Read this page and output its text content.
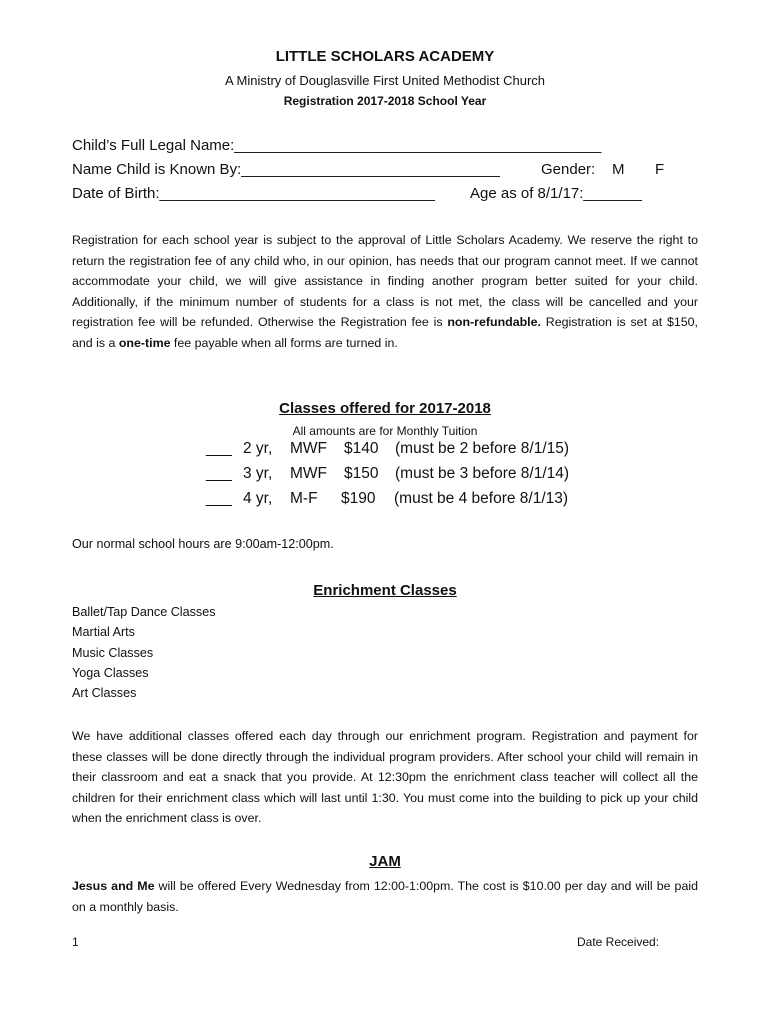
LITTLE SCHOLARS ACADEMY
A Ministry of Douglasville First United Methodist Church
Registration 2017-2018 School Year
Child’s Full Legal Name:____________________________________________
Name Child is Known By:_______________________________	Gender: M F
Date of Birth:_________________________________ Age as of 8/1/17:_______

Registration for each school year is subject to the approval of Little Scholars Academy. We reserve the right to return the registration fee of any child who, in our opinion, has needs that our program cannot meet. If we cannot accommodate your child, we will give assistance in finding another program better suited for your child. Additionally, if the minimum number of students for a class is not met, the class will be cancelled and your registration fee will be refunded. Otherwise the Registration fee is non-refundable. Registration is set at $150, and is a one-time fee payable when all forms are turned in.

Classes offered for 2017-2018
All amounts are for Monthly Tuition
___ 2 yr, MWF $140 (must be 2 before 8/1/15)
___ 3 yr, MWF $150 (must be 3 before 8/1/14)
___ 4 yr, M-F $190 (must be 4 before 8/1/13)
Our normal school hours are 9:00am-12:00pm.
Enrichment Classes
Ballet/Tap Dance Classes
Martial Arts
Music Classes
Yoga Classes
Art Classes

We have additional classes offered each day through our enrichment program. Registration and payment for these classes will be done directly through the individual program providers. After school your child will remain in their classroom and eat a snack that you provide. At 12:30pm the enrichment class teacher will collect all the children for their enrichment class which will last until 1:30. You must come into the building to pick up your child when the enrichment class is over.

JAM

Jesus and Me will be offered Every Wednesday from 12:00-1:00pm. The cost is $10.00 per day and will be paid on a monthly basis.

1	Date Received:
